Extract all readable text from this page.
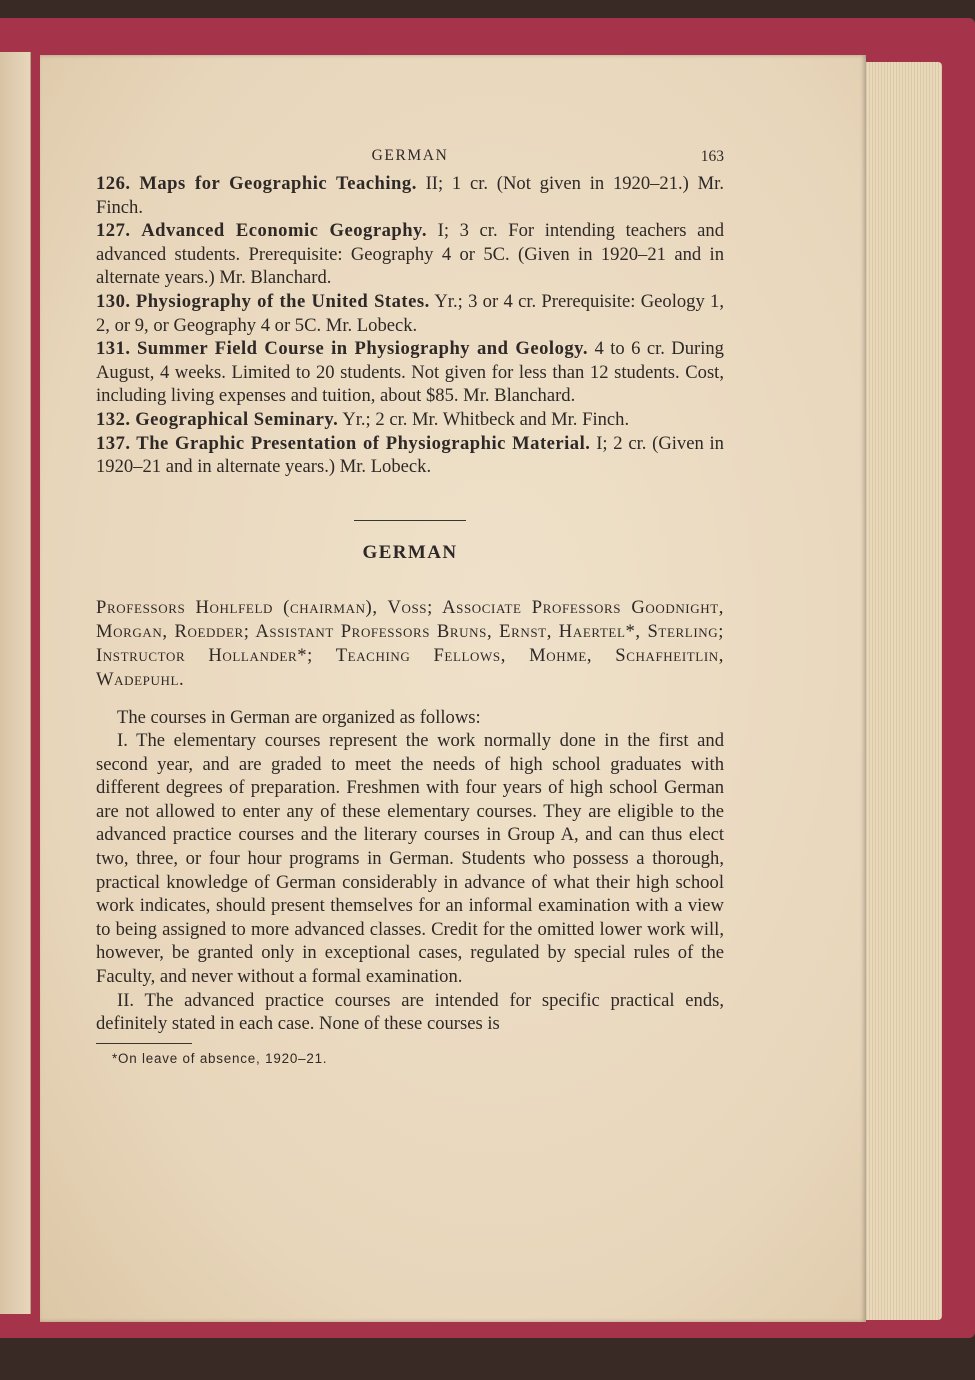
GERMAN	163

126. Maps for Geographic Teaching. II; 1 cr. (Not given in 1920–21.) Mr. Finch.

127. Advanced Economic Geography. I; 3 cr. For intending teachers and advanced students. Prerequisite: Geography 4 or 5C. (Given in 1920–21 and in alternate years.) Mr. Blanchard.

130. Physiography of the United States. Yr.; 3 or 4 cr. Prerequisite: Geology 1, 2, or 9, or Geography 4 or 5C. Mr. Lobeck.

131. Summer Field Course in Physiography and Geology. 4 to 6 cr. During August, 4 weeks. Limited to 20 students. Not given for less than 12 students. Cost, including living expenses and tuition, about $85. Mr. Blanchard.

132. Geographical Seminary. Yr.; 2 cr. Mr. Whitbeck and Mr. Finch.

137. The Graphic Presentation of Physiographic Material. I; 2 cr. (Given in 1920–21 and in alternate years.) Mr. Lobeck.

GERMAN
Professors Hohlfeld (chairman), Voss; Associate Professors Goodnight, Morgan, Roedder; Assistant Professors Bruns, Ernst, Haertel*, Sterling; Instructor Hollander*; Teaching Fellows, Mohme, Schafheitlin, Wadepuhl.

The courses in German are organized as follows:

I. The elementary courses represent the work normally done in the first and second year, and are graded to meet the needs of high school graduates with different degrees of preparation. Freshmen with four years of high school German are not allowed to enter any of these elementary courses. They are eligible to the advanced practice courses and the literary courses in Group A, and can thus elect two, three, or four hour programs in German. Students who possess a thorough, practical knowledge of German considerably in advance of what their high school work indicates, should present themselves for an informal examination with a view to being assigned to more advanced classes. Credit for the omitted lower work will, however, be granted only in exceptional cases, regulated by special rules of the Faculty, and never without a formal examination.

II. The advanced practice courses are intended for specific practical ends, definitely stated in each case. None of these courses is

*On leave of absence, 1920–21.
